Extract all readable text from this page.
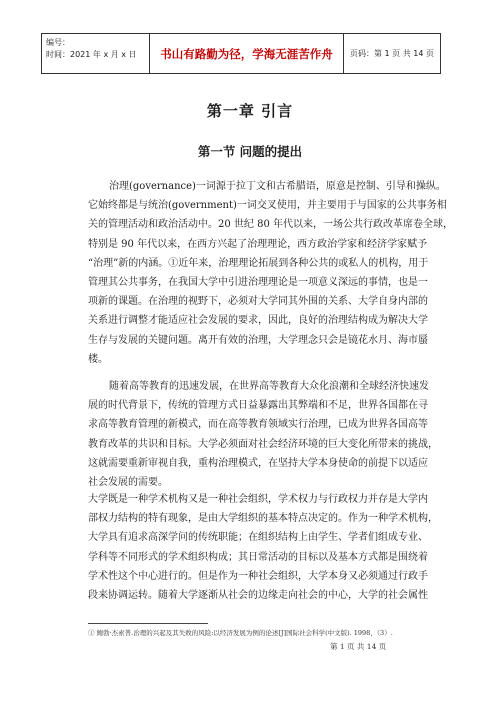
编号：
时间：2021 年 x 月 x 日	书山有路勤为径，学海无涯苦作舟	页码：第 1 页 共 14 页
第一章 引言
第一节 问题的提出
治理(governance)一词源于拉丁文和古希腊语，原意是控制、引导和操纵。
它始终都是与统治(government)一词交叉使用，并主要用于与国家的公共事务相
关的管理活动和政治活动中。20 世纪 80 年代以来，一场公共行政改革席卷全球，
特别是 90 年代以来，在西方兴起了治理理论，西方政治学家和经济学家赋予
“治理”新的内涵。①近年来，治理理论拓展到各种公共的或私人的机构，用于
管理其公共事务，在我国大学中引进治理理论是一项意义深远的事情，也是一
项新的课题。在治理的视野下，必须对大学同其外围的关系、大学自身内部的
关系进行调整才能适应社会发展的要求，因此，良好的治理结构成为解决大学
生存与发展的关键问题。离开有效的治理，大学理念只会是镜花水月、海市蜃
楼。
随着高等教育的迅速发展，在世界高等教育大众化浪潮和全球经济快速发
展的时代背景下，传统的管理方式日益暴露出其弊端和不足，世界各国都在寻
求高等教育管理的新模式，而在高等教育领域实行治理，已成为世界各国高等
教育改革的共识和目标。大学必须面对社会经济环境的巨大变化所带来的挑战，
这就需要重新审视自我，重构治理模式，在坚持大学本身使命的前提下以适应
社会发展的需要。
大学既是一种学术机构又是一种社会组织，学术权力与行政权力并存是大学内
部权力结构的特有现象，是由大学组织的基本特点决定的。作为一种学术机构，
大学具有追求高深学问的传统职能；在组织结构上由学生、学者们组成专业、
学科等不同形式的学术组织构成；其日常活动的目标以及基本方式都是围绕着
学术性这个中心进行的。但是作为一种社会组织，大学本身又必须通过行政手
段来协调运转。随着大学逐渐从社会的边缘走向社会的中心，大学的社会属性
① 鲍勃·杰索普.治理的兴起及其失败的风险:以经济发展为例的论述[J]国际社会科学(中文版). 1998，（3）.
第 1 页 共 14 页
